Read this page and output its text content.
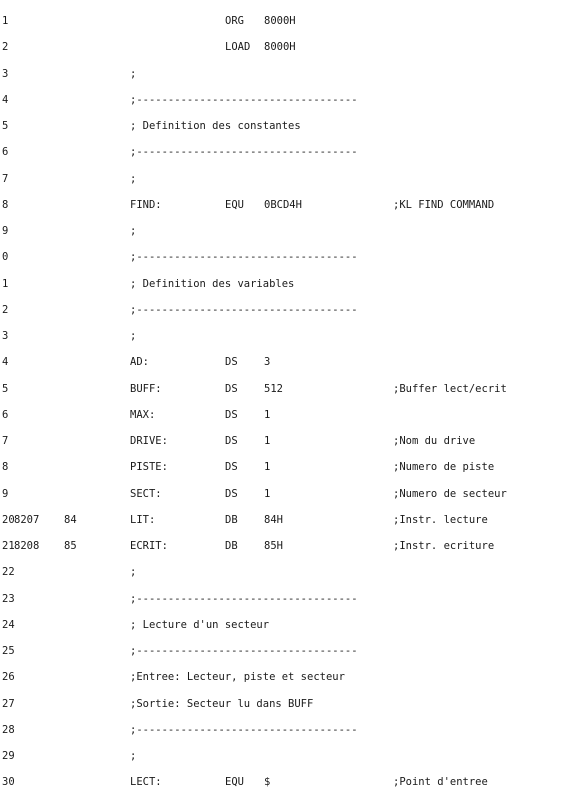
1	ORG 8000H
2	LOAD 8000H
3	;
4	;-----------------------------------
5	; Definition des constantes
6	;-----------------------------------
7	;
8	FIND:	EQU 0BCD4H	;KL FIND COMMAND
9	;
0	;-----------------------------------
1	; Definition des variables
2	;-----------------------------------
3	;
4	AD:	DS	3
5	BUFF:	DS	512	;Buffer lect/ecrit
6	MAX:	DS	1
7	DRIVE:	DS	1	;Nom du drive
8	PISTE:	DS	1	;Numero de piste
9	SECT:	DS	1	;Numero de secteur
20 8207 84	LIT:	DB	84H	;Instr. lecture
21 8208 85	ECRIT:	DB	85H	;Instr. ecriture
22	;
23	;-----------------------------------
24	; Lecture d'un secteur
25	;-----------------------------------
26	;Entree: Lecteur, piste et secteur
27	;Sortie: Secteur lu dans BUFF
28	;-----------------------------------
29	;
30	LECT:	EQU $	;Point d'entree
